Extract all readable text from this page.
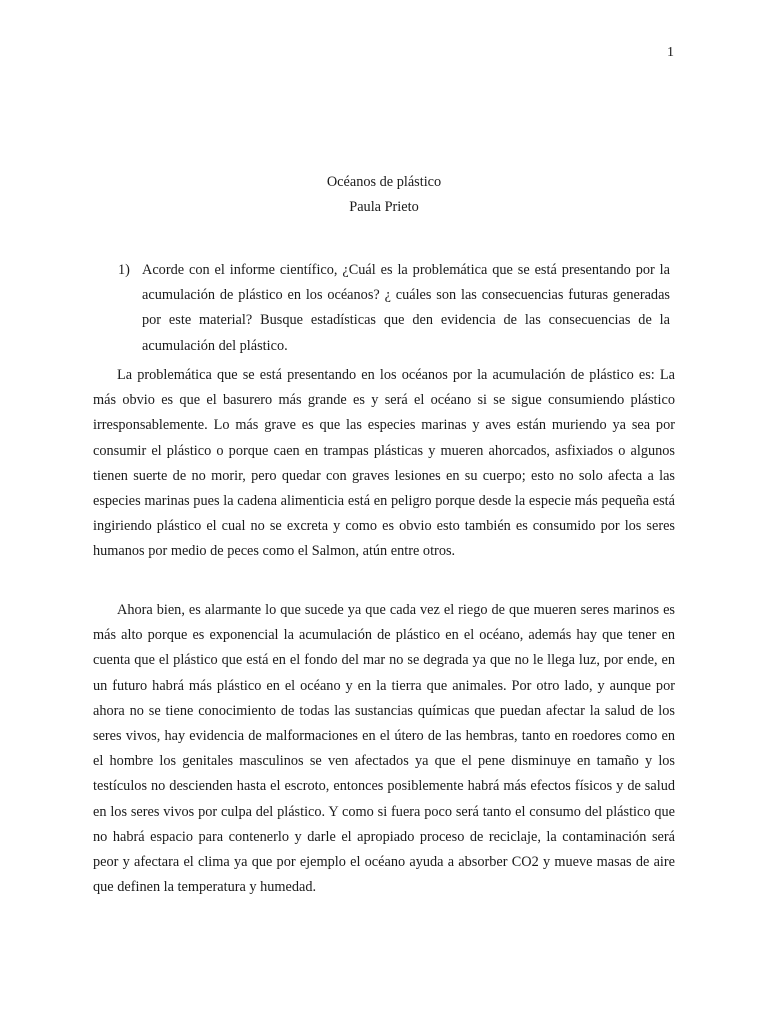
1
Océanos de plástico
Paula Prieto
1) Acorde con el informe científico, ¿Cuál es la problemática que se está presentando por la acumulación de plástico en los océanos? ¿ cuáles son las consecuencias futuras generadas por este material? Busque estadísticas que den evidencia de las consecuencias de la acumulación del plástico.

La problemática que se está presentando en los océanos por la acumulación de plástico es: La más obvio es que el basurero más grande es y será el océano si se sigue consumiendo plástico irresponsablemente. Lo más grave es que las especies marinas y aves están muriendo ya sea por consumir el plástico o porque caen en trampas plásticas y mueren ahorcados, asfixiados o algunos tienen suerte de no morir, pero quedar con graves lesiones en su cuerpo; esto no solo afecta a las especies marinas pues la cadena alimenticia está en peligro porque desde la especie más pequeña está ingiriendo plástico el cual no se excreta y como es obvio esto también es consumido por los seres humanos por medio de peces como el Salmon, atún entre otros.

Ahora bien, es alarmante lo que sucede ya que cada vez el riego de que mueren seres marinos es más alto porque es exponencial la acumulación de plástico en el océano, además hay que tener en cuenta que el plástico que está en el fondo del mar no se degrada ya que no le llega luz, por ende, en un futuro habrá más plástico en el océano y en la tierra que animales. Por otro lado, y aunque por ahora no se tiene conocimiento de todas las sustancias químicas que puedan afectar la salud de los seres vivos, hay evidencia de malformaciones en el útero de las hembras, tanto en roedores como en el hombre los genitales masculinos se ven afectados ya que el pene disminuye en tamaño y los testículos no descienden hasta el escroto, entonces posiblemente habrá más efectos físicos y de salud en los seres vivos por culpa del plástico. Y como si fuera poco será tanto el consumo del plástico que no habrá espacio para contenerlo y darle el apropiado proceso de reciclaje, la contaminación será peor y afectara el clima ya que por ejemplo el océano ayuda a absorber CO2 y mueve masas de aire que definen la temperatura y humedad.
